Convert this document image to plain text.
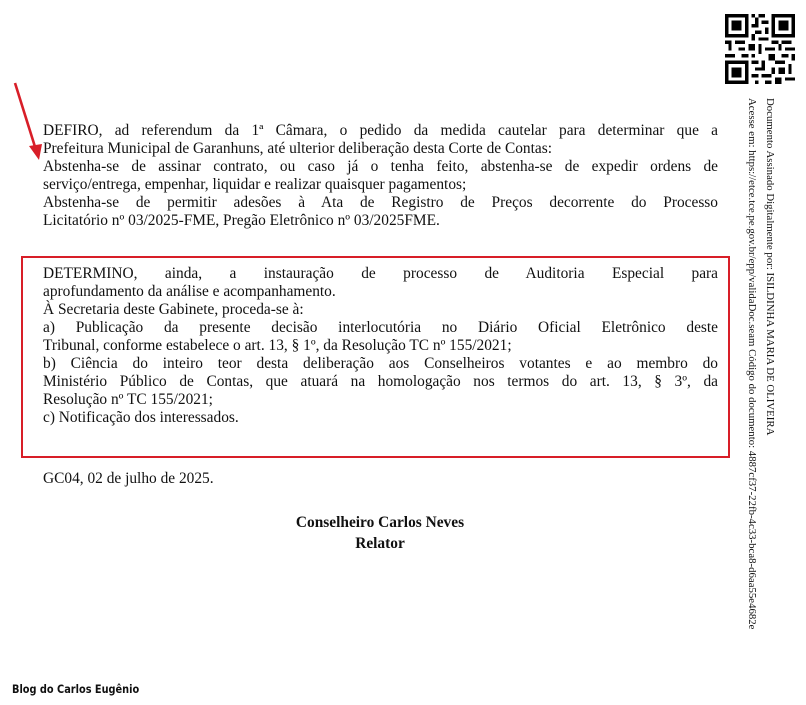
DEFIRO, ad referendum da 1ª Câmara, o pedido da medida cautelar para determinar que a
Prefeitura Municipal de Garanhuns, até ulterior deliberação desta Corte de Contas:
Abstenha-se de assinar contrato, ou caso já o tenha feito, abstenha-se de expedir ordens de
serviço/entrega, empenhar, liquidar e realizar quaisquer pagamentos;
Abstenha-se de permitir adesões à Ata de Registro de Preços decorrente do Processo
Licitatório nº 03/2025-FME, Pregão Eletrônico nº 03/2025FME.
DETERMINO, ainda, a instauração de processo de Auditoria Especial para
aprofundamento da análise e acompanhamento.
À Secretaria deste Gabinete, proceda-se à:
a) Publicação da presente decisão interlocutória no Diário Oficial Eletrônico deste
Tribunal, conforme estabelece o art. 13, § 1º, da Resolução TC nº 155/2021;
b) Ciência do inteiro teor desta deliberação aos Conselheiros votantes e ao membro do
Ministério Público de Contas, que atuará na homologação nos termos do art. 13, § 3º, da
Resolução nº TC 155/2021;
c) Notificação dos interessados.
GC04, 02 de julho de 2025.
Conselheiro Carlos Neves
Relator
Documento Assinado Digitalmente por: ISILDINHA MARIA DE OLIVEIRA
Acesse em: https://etce.tce.pe.gov.br/epp/validaDoc.seam Código do documento: 4887cf37-22fb-4c33-bca8-d6aa55e4682e
Blog do Carlos Eugênio
